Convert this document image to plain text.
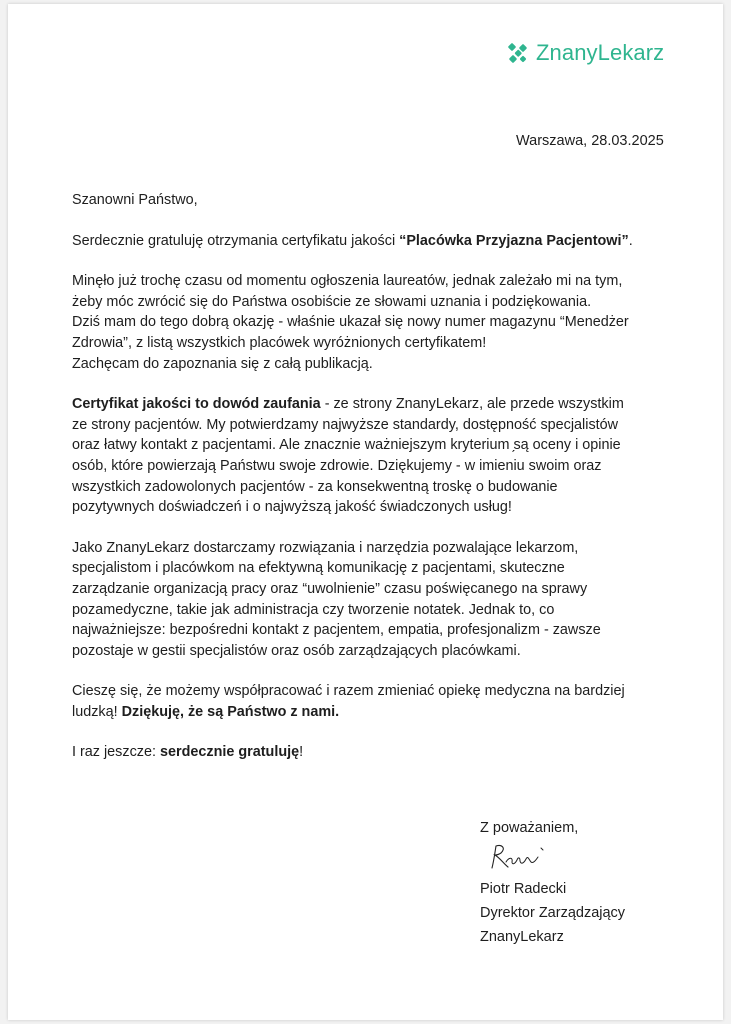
ZnanyLekarz
Warszawa, 28.03.2025

Szanowni Państwo,

Serdecznie gratuluję otrzymania certyfikatu jakości “Placówka Przyjazna Pacjentowi”.

Minęło już trochę czasu od momentu ogłoszenia laureatów, jednak zależało mi na tym,
żeby móc zwrócić się do Państwa osobiście ze słowami uznania i podziękowania.
Dziś mam do tego dobrą okazję - właśnie ukazał się nowy numer magazynu “Menedżer
Zdrowia”, z listą wszystkich placówek wyróżnionych certyfikatem!
Zachęcam do zapoznania się z całą publikacją.

Certyfikat jakości to dowód zaufania - ze strony ZnanyLekarz, ale przede wszystkim
ze strony pacjentów. My potwierdzamy najwyższe standardy, dostępność specjalistów
oraz łatwy kontakt z pacjentami. Ale znacznie ważniejszym kryterium ̗są oceny i opinie
osób, które powierzają Państwu swoje zdrowie. Dziękujemy - w imieniu swoim oraz
wszystkich zadowolonych pacjentów - za konsekwentną troskę o budowanie
pozytywnych doświadczeń i o najwyższą jakość świadczonych usług!

Jako ZnanyLekarz dostarczamy rozwiązania i narzędzia pozwalające lekarzom,
specjalistom i placówkom na efektywną komunikację z pacjentami, skuteczne
zarządzanie organizacją pracy oraz “uwolnienie” czasu poświęcanego na sprawy
pozamedyczne, takie jak administracja czy tworzenie notatek. Jednak to, co
najważniejsze: bezpośredni kontakt z pacjentem, empatia, profesjonalizm - zawsze
pozostaje w gestii specjalistów oraz osób zarządzających placówkami.

Cieszę się, że możemy współpracować i razem zmieniać opiekę medyczna na bardziej
ludzką! Dziękuję, że są Państwo z nami.

I raz jeszcze: serdecznie gratuluję!

Z poważaniem,
Piotr Radecki
Dyrektor Zarządzający
ZnanyLekarz
